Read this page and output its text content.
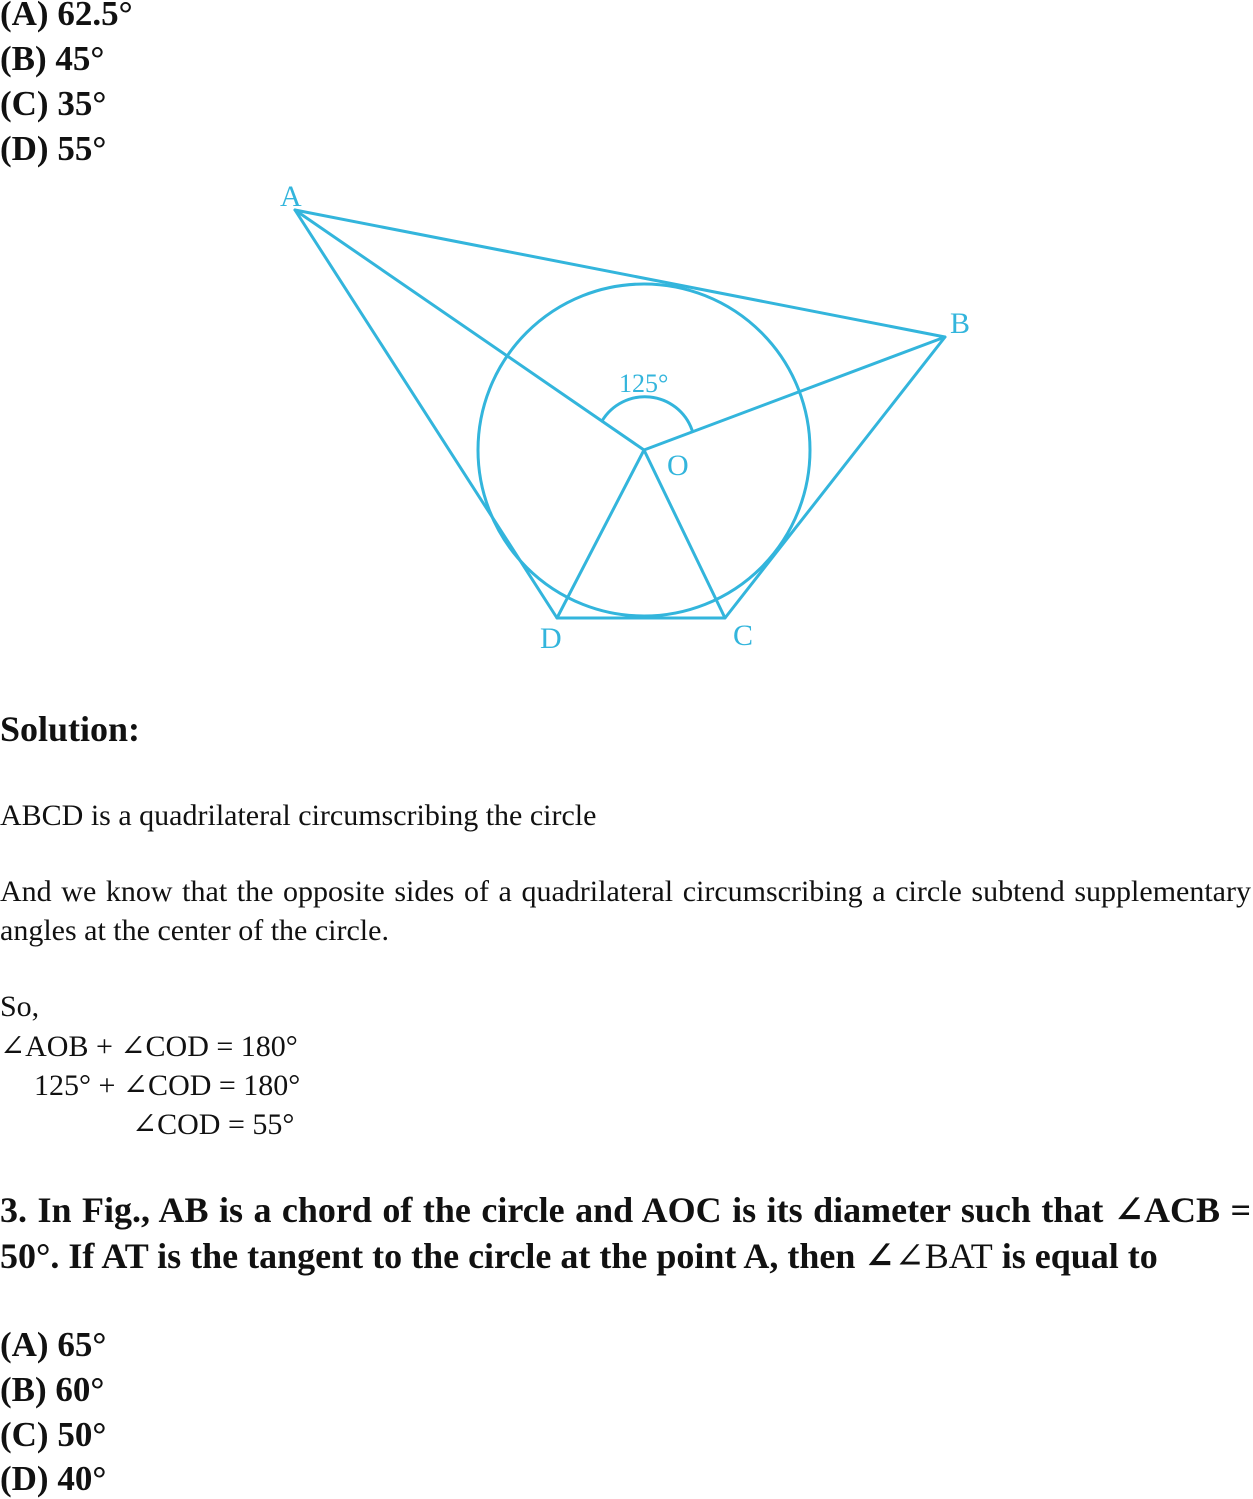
(A) 62.5°
(B) 45°
(C) 35°
(D) 55°
A
B
C
D
O
125°
Solution:
ABCD is a quadrilateral circumscribing the circle
And we know that the opposite sides of a quadrilateral circumscribing a circle subtend supplementary angles at the center of the circle.
So,
∠AOB + ∠COD = 180°
125° + ∠COD = 180°
∠COD = 55°
3. In Fig., AB is a chord of the circle and AOC is its diameter such that ∠ACB = 50°. If AT is the tangent to the circle at the point A, then ∠∠BAT is equal to
(A) 65°
(B) 60°
(C) 50°
(D) 40°
